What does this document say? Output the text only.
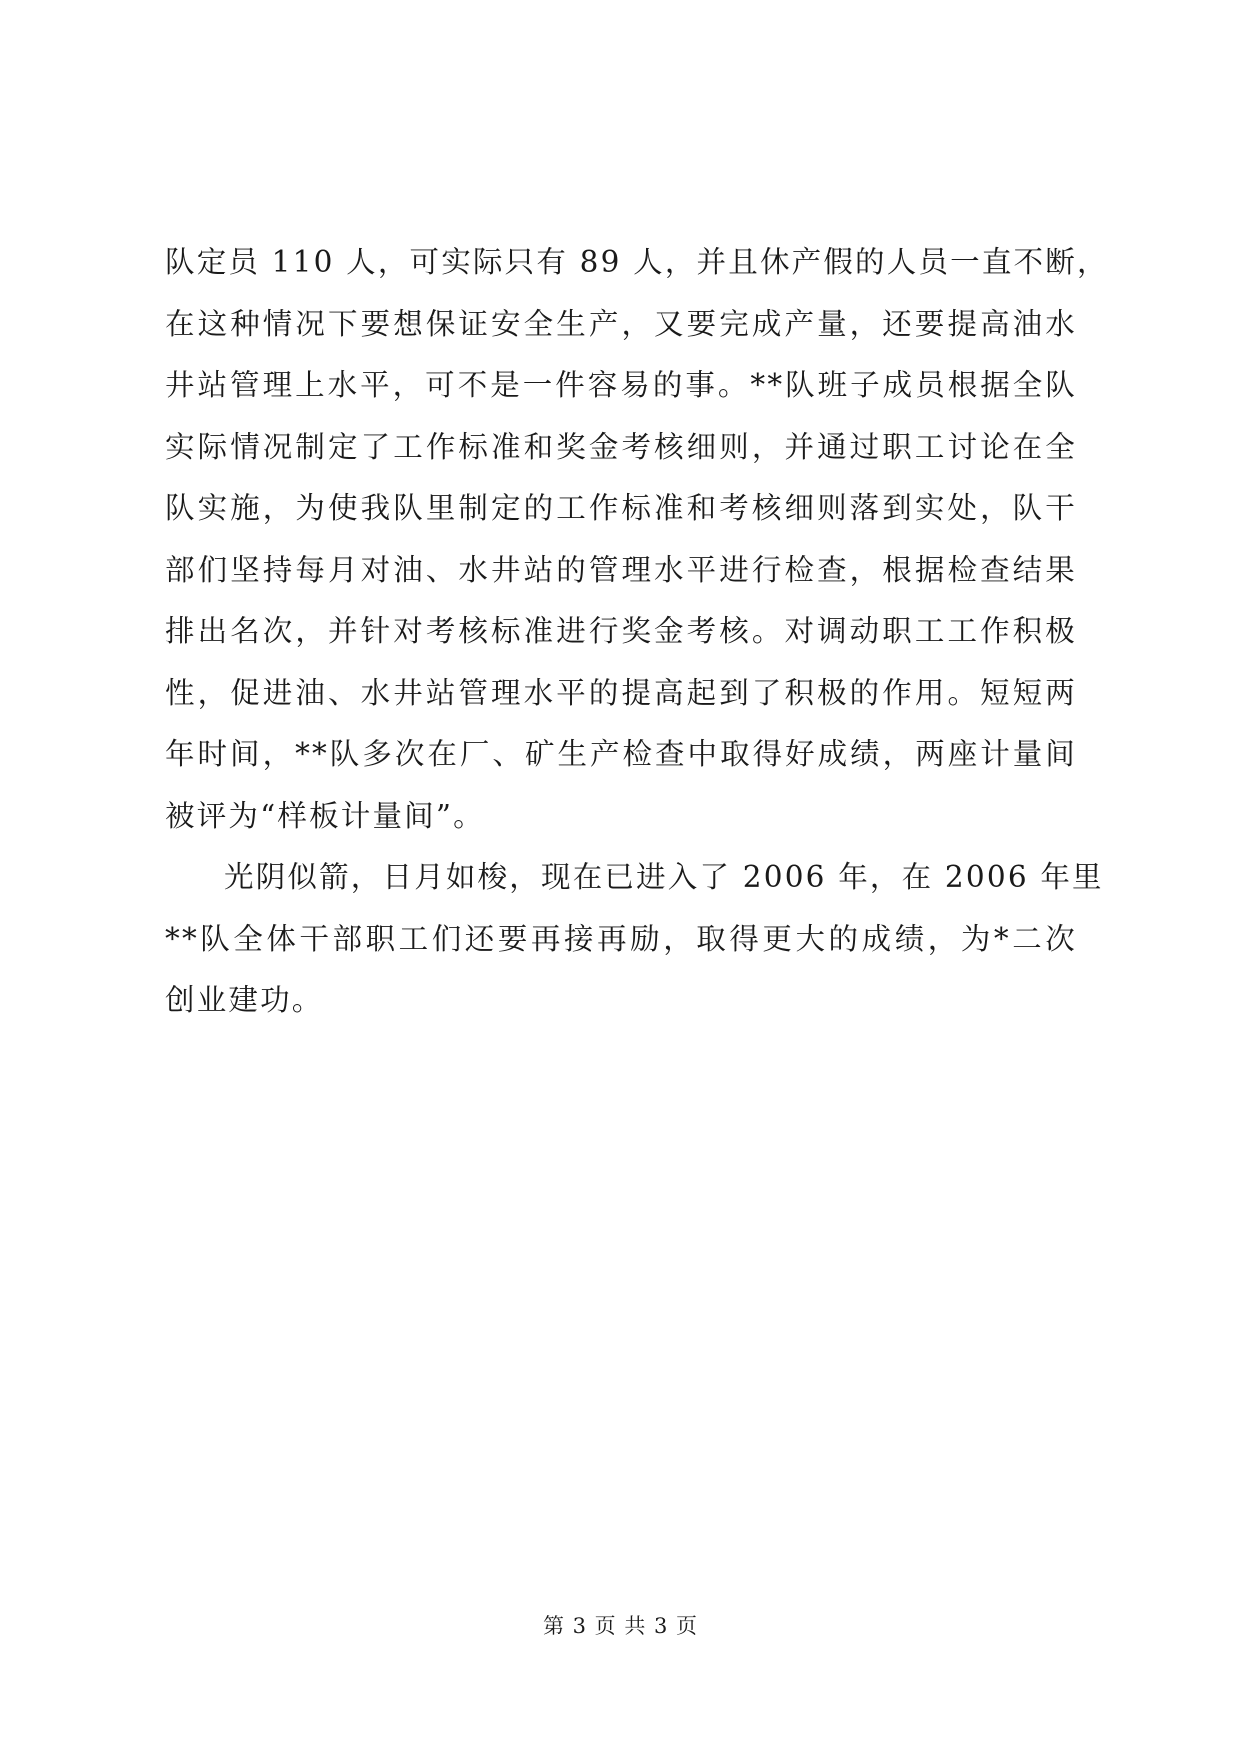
队定员 110 人，可实际只有 89 人，并且休产假的人员一直不断，
在这种情况下要想保证安全生产，又要完成产量，还要提高油水
井站管理上水平，可不是一件容易的事。**队班子成员根据全队
实际情况制定了工作标准和奖金考核细则，并通过职工讨论在全
队实施，为使我队里制定的工作标准和考核细则落到实处，队干
部们坚持每月对油、水井站的管理水平进行检查，根据检查结果
排出名次，并针对考核标准进行奖金考核。对调动职工工作积极
性，促进油、水井站管理水平的提高起到了积极的作用。短短两
年时间，**队多次在厂、矿生产检查中取得好成绩，两座计量间
被评为“样板计量间”。

光阴似箭，日月如梭，现在已进入了 2006 年，在 2006 年里
**队全体干部职工们还要再接再励，取得更大的成绩，为*二次
创业建功。

第 3 页 共 3 页
